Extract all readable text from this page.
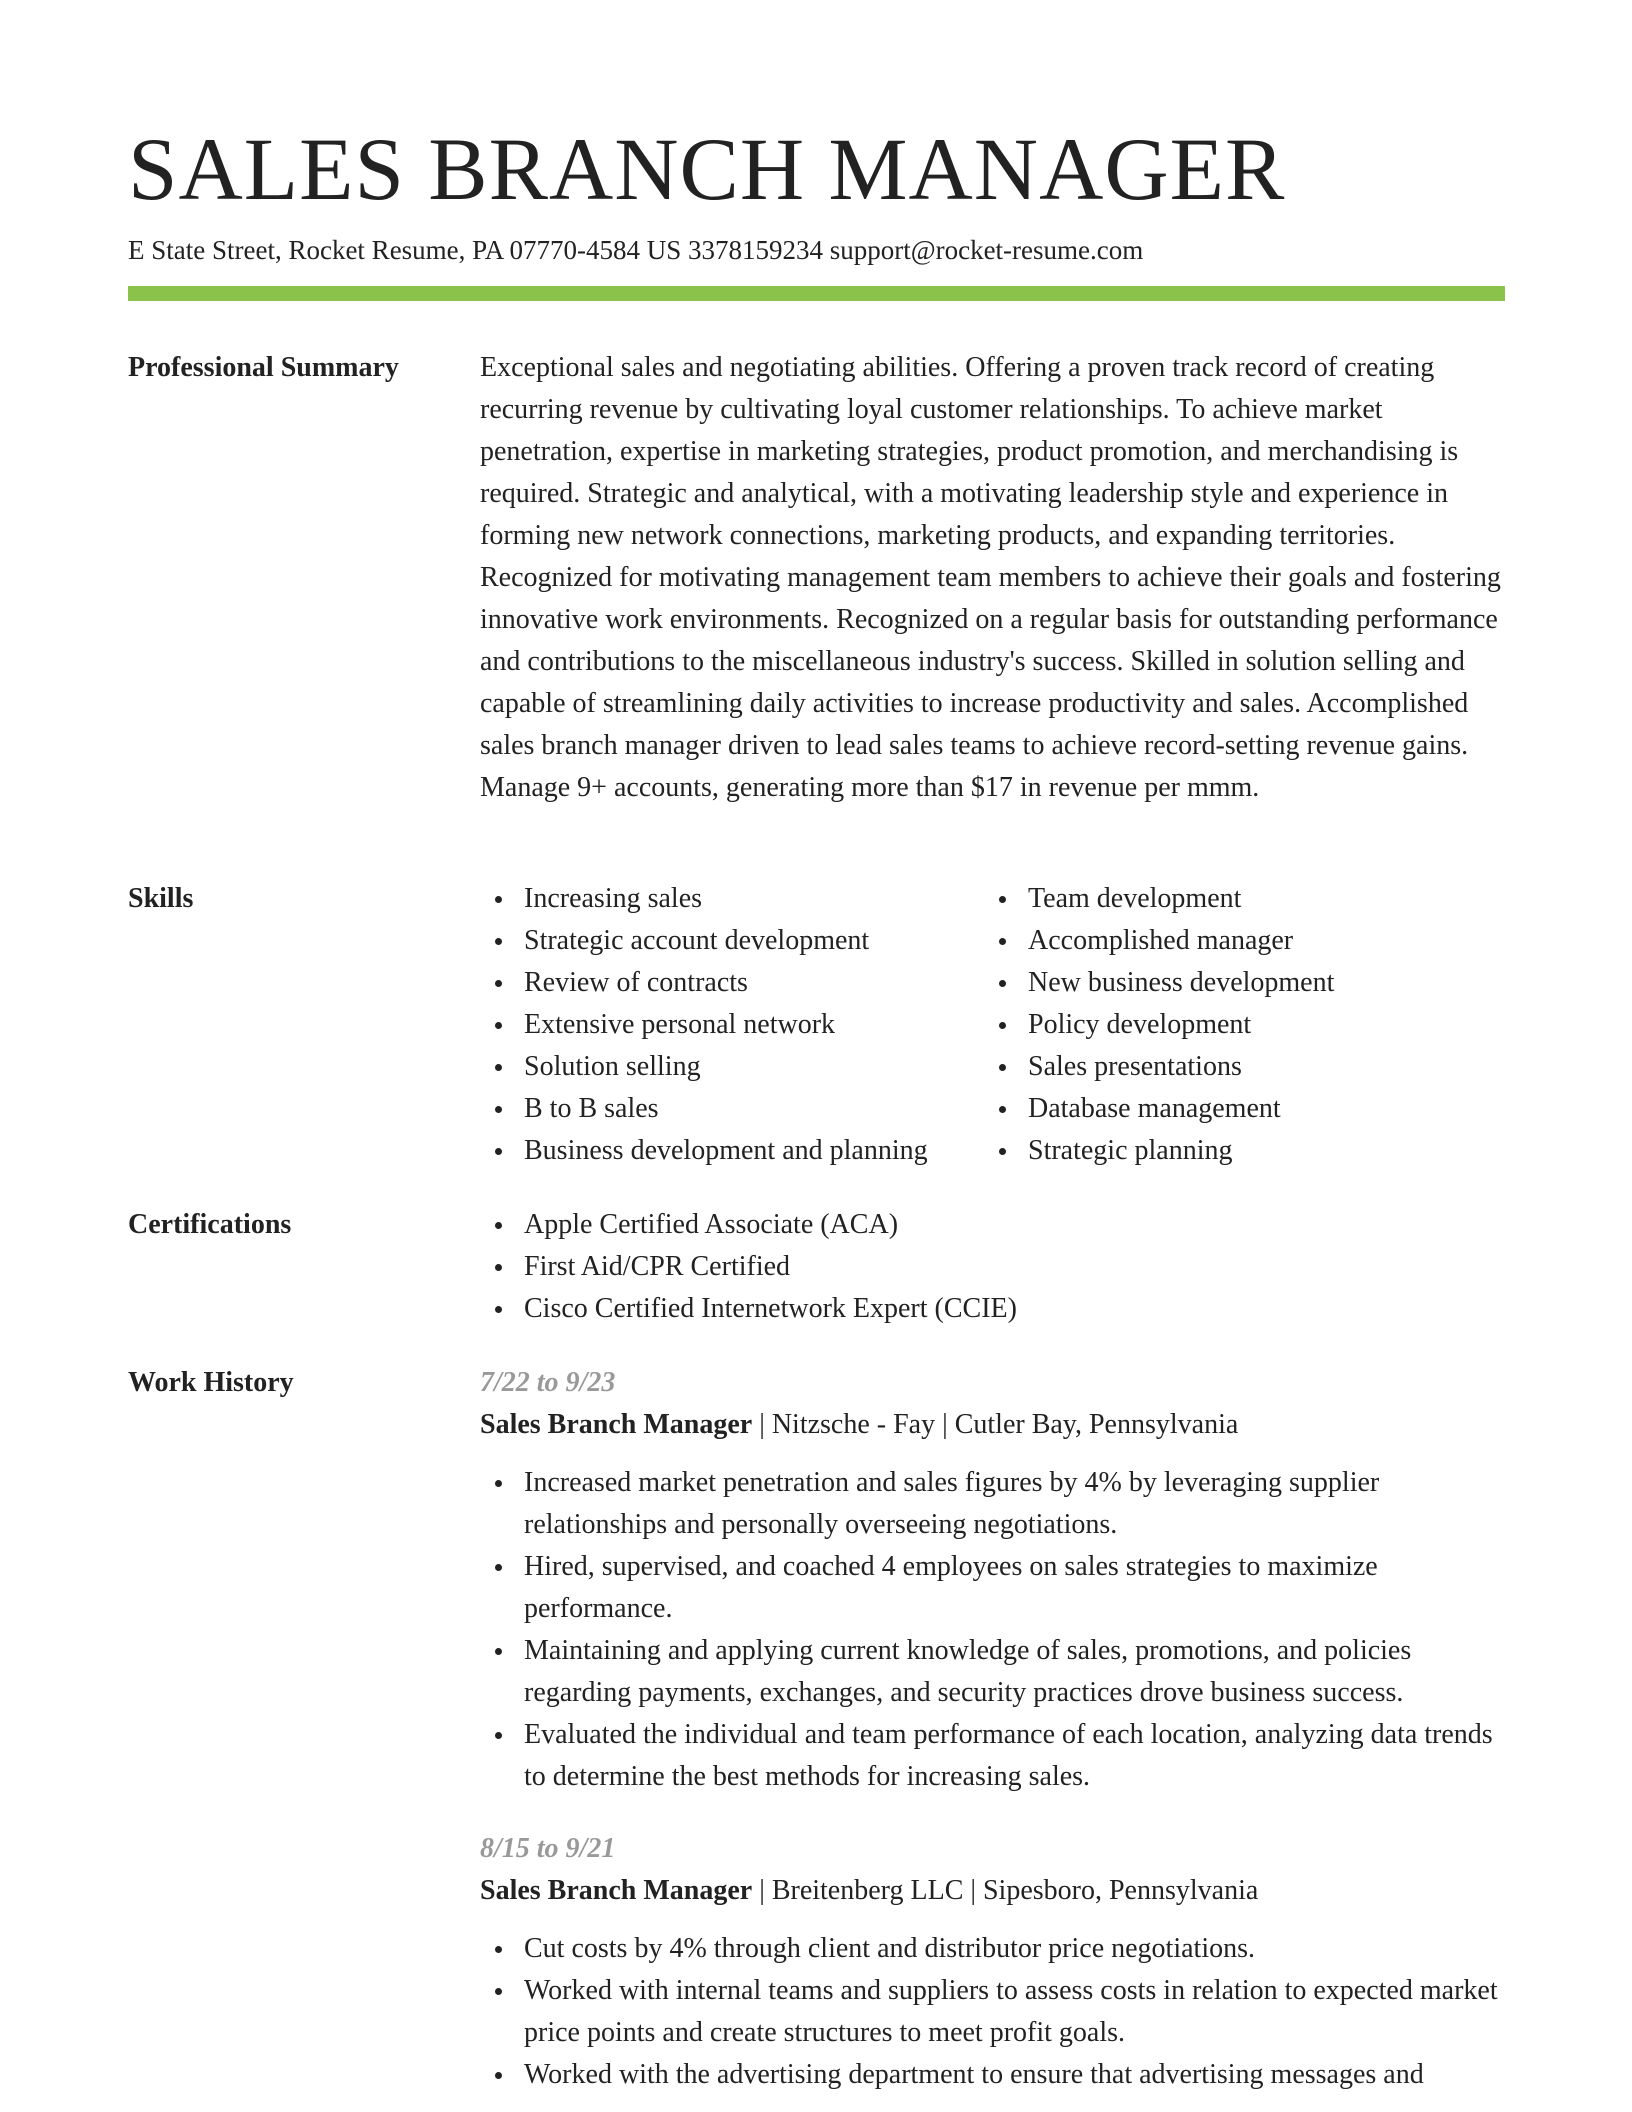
SALES BRANCH MANAGER
E State Street, Rocket Resume, PA 07770-4584 US 3378159234 support@rocket-resume.com
Professional Summary	Exceptional sales and negotiating abilities. Offering a proven track record of creating recurring revenue by cultivating loyal customer relationships. To achieve market penetration, expertise in marketing strategies, product promotion, and merchandising is required. Strategic and analytical, with a motivating leadership style and experience in forming new network connections, marketing products, and expanding territories. Recognized for motivating management team members to achieve their goals and fostering innovative work environments. Recognized on a regular basis for outstanding performance and contributions to the miscellaneous industry's success. Skilled in solution selling and capable of streamlining daily activities to increase productivity and sales. Accomplished sales branch manager driven to lead sales teams to achieve record-setting revenue gains. Manage 9+ accounts, generating more than $17 in revenue per mmm.

Skills	Increasing sales
Strategic account development
Review of contracts
Extensive personal network
Solution selling
B to B sales
Business development and planning
Team development
Accomplished manager
New business development
Policy development
Sales presentations
Database management
Strategic planning
Certifications	Apple Certified Associate (ACA)
First Aid/CPR Certified
Cisco Certified Internetwork Expert (CCIE)
Work History	7/22 to 9/23
Sales Branch Manager | Nitzsche - Fay | Cutler Bay, Pennsylvania
Increased market penetration and sales figures by 4% by leveraging supplier relationships and personally overseeing negotiations.
Hired, supervised, and coached 4 employees on sales strategies to maximize performance.
Maintaining and applying current knowledge of sales, promotions, and policies regarding payments, exchanges, and security practices drove business success.
Evaluated the individual and team performance of each location, analyzing data trends to determine the best methods for increasing sales.
8/15 to 9/21
Sales Branch Manager | Breitenberg LLC | Sipesboro, Pennsylvania
Cut costs by 4% through client and distributor price negotiations.
Worked with internal teams and suppliers to assess costs in relation to expected market price points and create structures to meet profit goals.
Worked with the advertising department to ensure that advertising messages and
